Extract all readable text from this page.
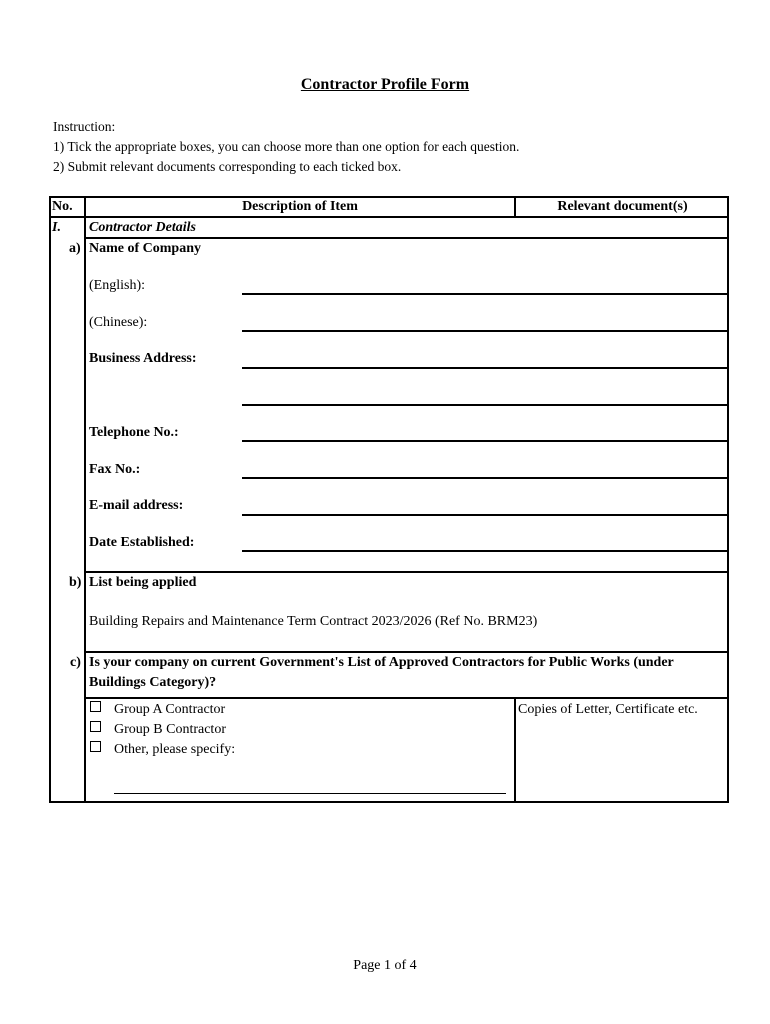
Contractor Profile Form
Instruction:
1) Tick the appropriate boxes, you can choose more than one option for each question.
2) Submit relevant documents corresponding to each ticked box.
No.	Description of Item	Relevant document(s)
I. Contractor Details
a) Name of Company
(English):
(Chinese):
Business Address:
Telephone No.:
Fax No.:
E-mail address:
Date Established:
b) List being applied
Building Repairs and Maintenance Term Contract 2023/2026 (Ref No. BRM23)
c) Is your company on current Government's List of Approved Contractors for Public Works (under
Buildings Category)?
Group A Contractor
Group B Contractor
Other, please specify:
Copies of Letter, Certificate etc.
Page 1 of 4
